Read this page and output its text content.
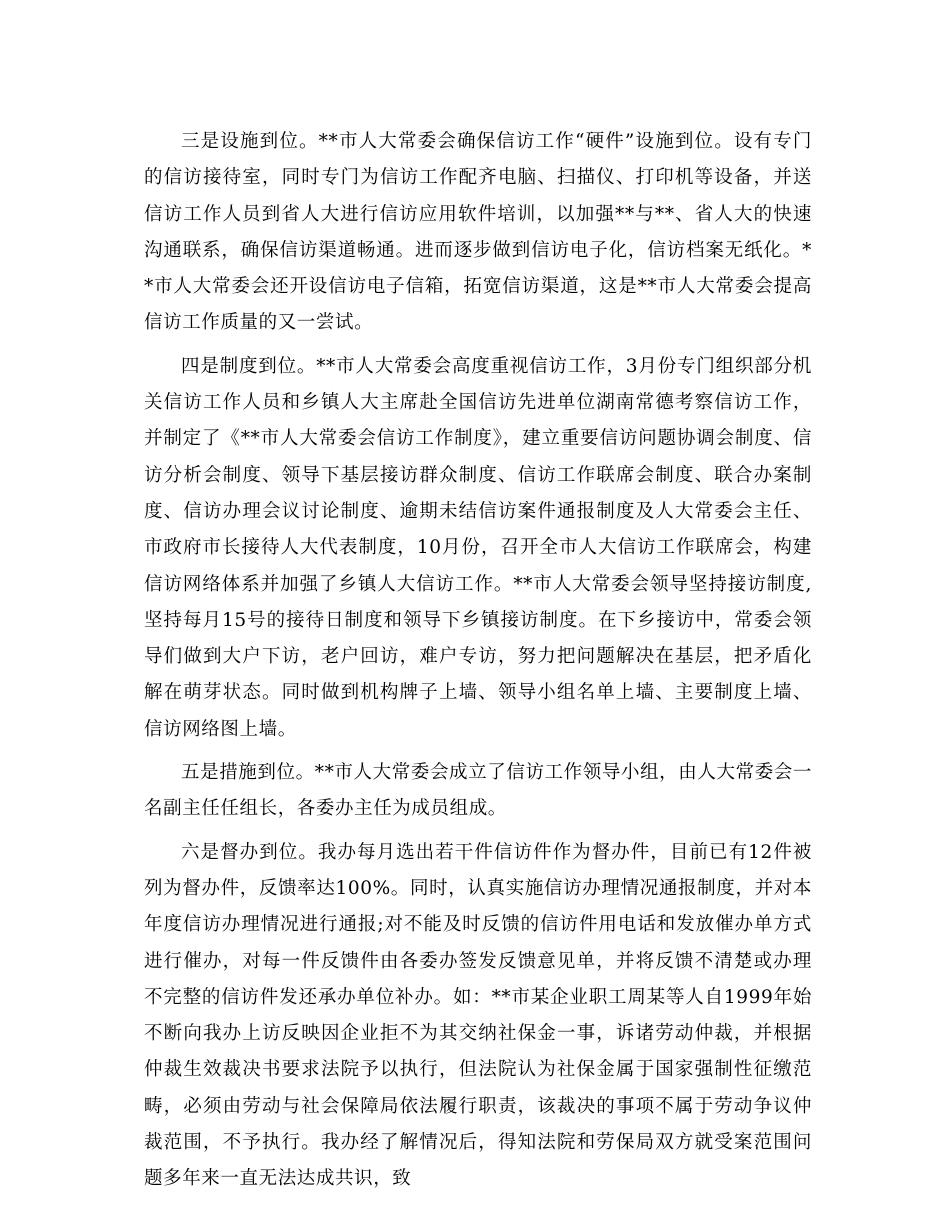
三是设施到位。**市人大常委会确保信访工作“硬件”设施到位。设有专门的信访接待室，同时专门为信访工作配齐电脑、扫描仪、打印机等设备，并送信访工作人员到省人大进行信访应用软件培训，以加强**与**、省人大的快速沟通联系，确保信访渠道畅通。进而逐步做到信访电子化，信访档案无纸化。**市人大常委会还开设信访电子信箱，拓宽信访渠道，这是**市人大常委会提高信访工作质量的又一尝试。

四是制度到位。**市人大常委会高度重视信访工作，3月份专门组织部分机关信访工作人员和乡镇人大主席赴全国信访先进单位湖南常德考察信访工作，并制定了《**市人大常委会信访工作制度》，建立重要信访问题协调会制度、信访分析会制度、领导下基层接访群众制度、信访工作联席会制度、联合办案制度、信访办理会议讨论制度、逾期未结信访案件通报制度及人大常委会主任、市政府市长接待人大代表制度，10月份，召开全市人大信访工作联席会，构建信访网络体系并加强了乡镇人大信访工作。**市人大常委会领导坚持接访制度,坚持每月15号的接待日制度和领导下乡镇接访制度。在下乡接访中，常委会领导们做到大户下访，老户回访，难户专访，努力把问题解决在基层，把矛盾化解在萌芽状态。同时做到机构牌子上墙、领导小组名单上墙、主要制度上墙、信访网络图上墙。

五是措施到位。**市人大常委会成立了信访工作领导小组，由人大常委会一名副主任任组长，各委办主任为成员组成。

六是督办到位。我办每月选出若干件信访件作为督办件，目前已有12件被列为督办件，反馈率达100%。同时，认真实施信访办理情况通报制度，并对本年度信访办理情况进行通报;对不能及时反馈的信访件用电话和发放催办单方式进行催办，对每一件反馈件由各委办签发反馈意见单，并将反馈不清楚或办理不完整的信访件发还承办单位补办。如：**市某企业职工周某等人自1999年始不断向我办上访反映因企业拒不为其交纳社保金一事，诉诸劳动仲裁，并根据仲裁生效裁决书要求法院予以执行，但法院认为社保金属于国家强制性征缴范畴，必须由劳动与社会保障局依法履行职责，该裁决的事项不属于劳动争议仲裁范围，不予执行。我办经了解情况后，得知法院和劳保局双方就受案范围问题多年来一直无法达成共识，致
